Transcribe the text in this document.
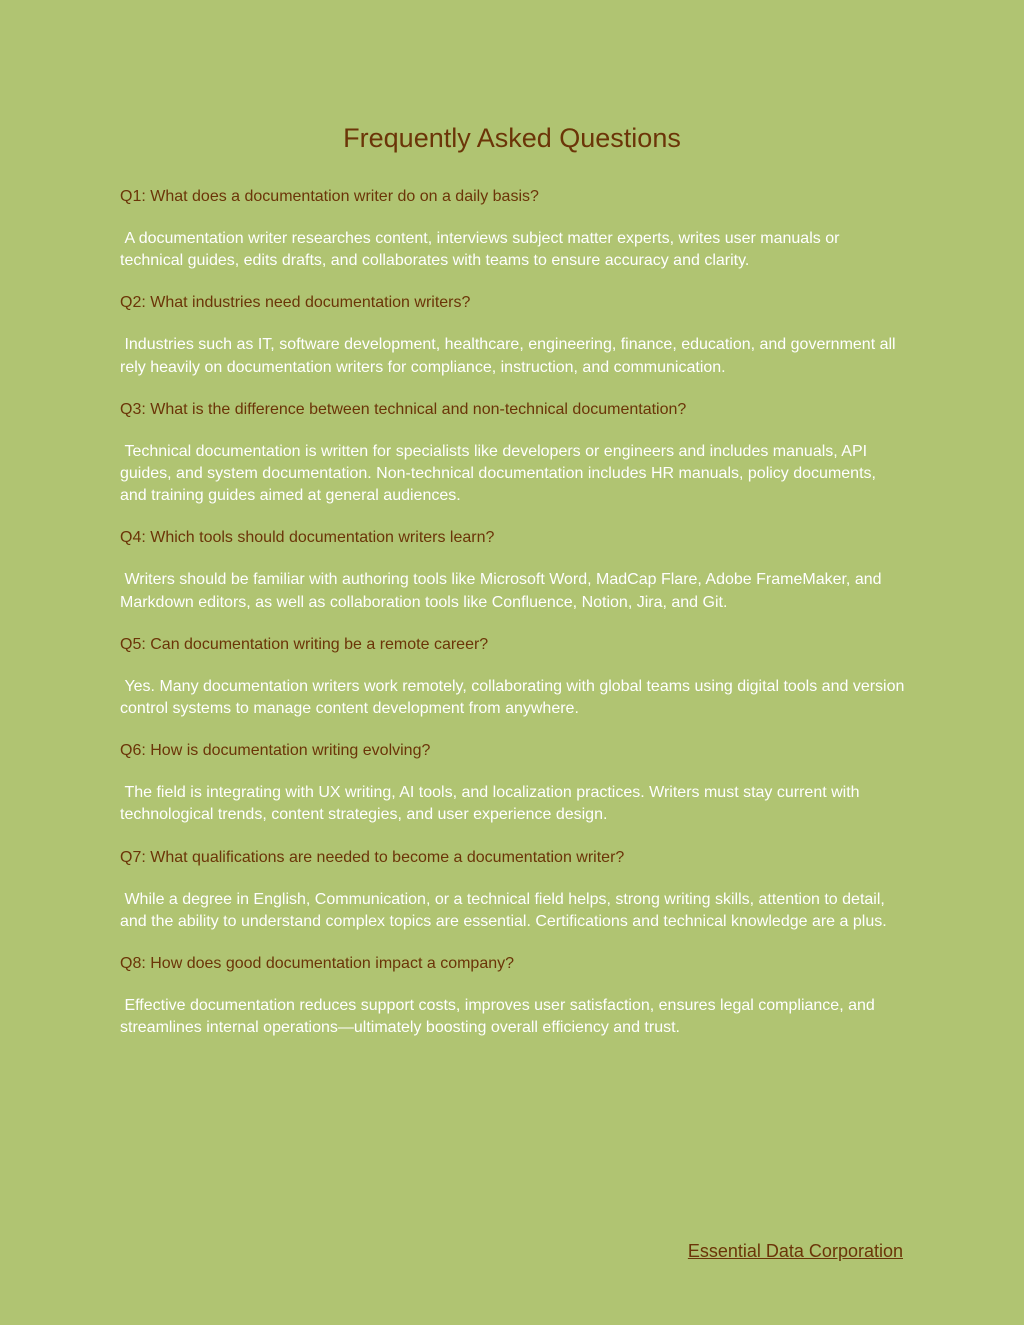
Frequently Asked Questions

Q1: What does a documentation writer do on a daily basis?

A documentation writer researches content, interviews subject matter experts, writes user manuals or technical guides, edits drafts, and collaborates with teams to ensure accuracy and clarity.

Q2: What industries need documentation writers?

Industries such as IT, software development, healthcare, engineering, finance, education, and government all rely heavily on documentation writers for compliance, instruction, and communication.

Q3: What is the difference between technical and non-technical documentation?

Technical documentation is written for specialists like developers or engineers and includes manuals, API guides, and system documentation. Non-technical documentation includes HR manuals, policy documents, and training guides aimed at general audiences.

Q4: Which tools should documentation writers learn?

Writers should be familiar with authoring tools like Microsoft Word, MadCap Flare, Adobe FrameMaker, and Markdown editors, as well as collaboration tools like Confluence, Notion, Jira, and Git.

Q5: Can documentation writing be a remote career?

Yes. Many documentation writers work remotely, collaborating with global teams using digital tools and version control systems to manage content development from anywhere.

Q6: How is documentation writing evolving?

The field is integrating with UX writing, AI tools, and localization practices. Writers must stay current with technological trends, content strategies, and user experience design.

Q7: What qualifications are needed to become a documentation writer?

While a degree in English, Communication, or a technical field helps, strong writing skills, attention to detail, and the ability to understand complex topics are essential. Certifications and technical knowledge are a plus.

Q8: How does good documentation impact a company?

Effective documentation reduces support costs, improves user satisfaction, ensures legal compliance, and streamlines internal operations—ultimately boosting overall efficiency and trust.

Essential Data Corporation
